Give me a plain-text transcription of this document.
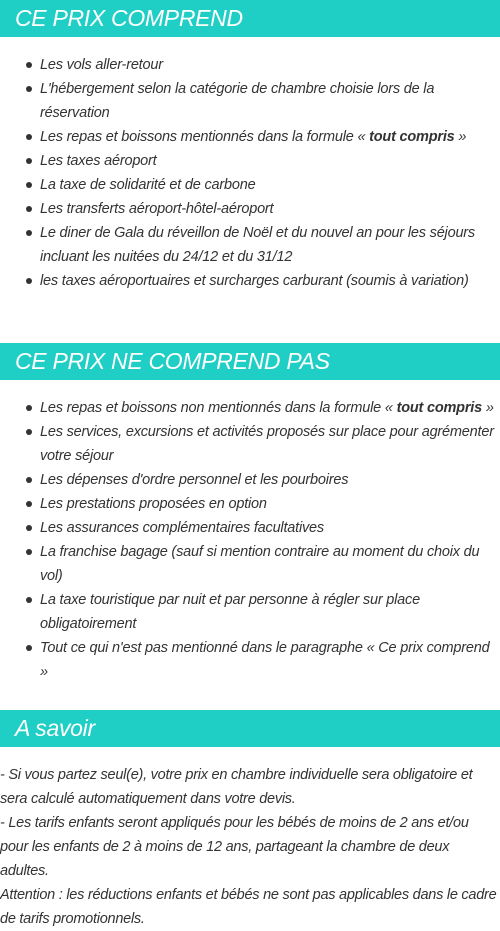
CE PRIX COMPREND
Les vols aller-retour
L'hébergement selon la catégorie de chambre choisie lors de la réservation
Les repas et boissons mentionnés dans la formule « tout compris »
Les taxes aéroport
La taxe de solidarité et de carbone
Les transferts aéroport-hôtel-aéroport
Le diner de Gala du réveillon de Noël et du nouvel an pour les séjours incluant les nuitées du 24/12 et du 31/12
les taxes aéroportuaires et surcharges carburant (soumis à variation)
CE PRIX NE COMPREND PAS
Les repas et boissons non mentionnés dans la formule « tout compris »
Les services, excursions et activités proposés sur place pour agrémenter votre séjour
Les dépenses d'ordre personnel et les pourboires
Les prestations proposées en option
Les assurances complémentaires facultatives
La franchise bagage (sauf si mention contraire au moment du choix du vol)
La taxe touristique par nuit et par personne à régler sur place obligatoirement
Tout ce qui n'est pas mentionné dans le paragraphe « Ce prix comprend »
A savoir

- Si vous partez seul(e), votre prix en chambre individuelle sera obligatoire et sera calculé automatiquement dans votre devis.

- Les tarifs enfants seront appliqués pour les bébés de moins de 2 ans et/ou pour les enfants de 2 à moins de 12 ans, partageant la chambre de deux adultes.

Attention : les réductions enfants et bébés ne sont pas applicables dans le cadre de tarifs promotionnels.
